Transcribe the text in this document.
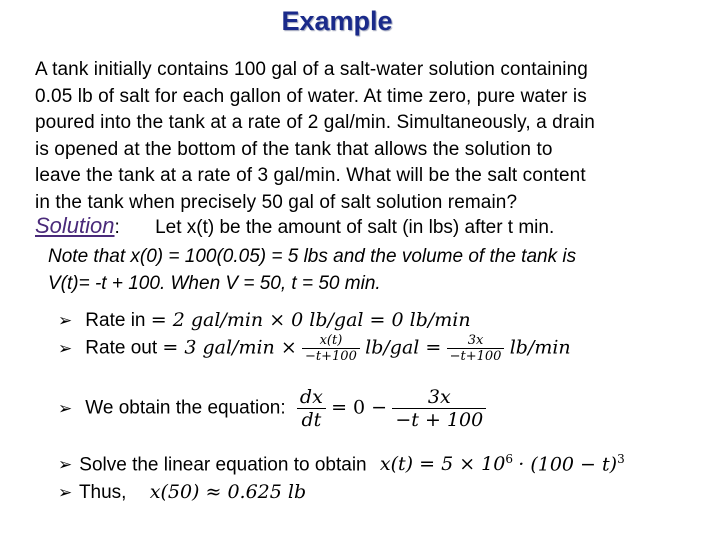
Example
A tank initially contains 100 gal of a salt-water solution containing
0.05 lb of salt for each gallon of water. At time zero, pure water is
poured into the tank at a rate of 2 gal/min. Simultaneously, a drain
is opened at the bottom of the tank that allows the solution to
leave the tank at a rate of 3 gal/min. What will be the salt content
in the tank when precisely 50 gal of salt solution remain?
Solution: Let x(t) be the amount of salt (in lbs) after t min.
Note that x(0) = 100(0.05) = 5 lbs and the volume of the tank is
V(t)= -t + 100. When V = 50, t = 50 min.
➢ Rate in = 2 gal/min × 0 lb/gal = 0 lb/min
➢ Rate out = 3 $gal/\min \times \frac{x(t)}{-t+100} lb/gal = \frac{3x}{-t+100} lb/\min$
➢ We obtain the equation: $\frac{dx}{dt} = 0 - \frac{3x}{-t + 100}$
➢ Solve the linear equation to obtain $x(t) = 5 \times 10^6 \cdot (100 - t)^3$
➢ Thus, x(50) ≈ 0.625 lb
